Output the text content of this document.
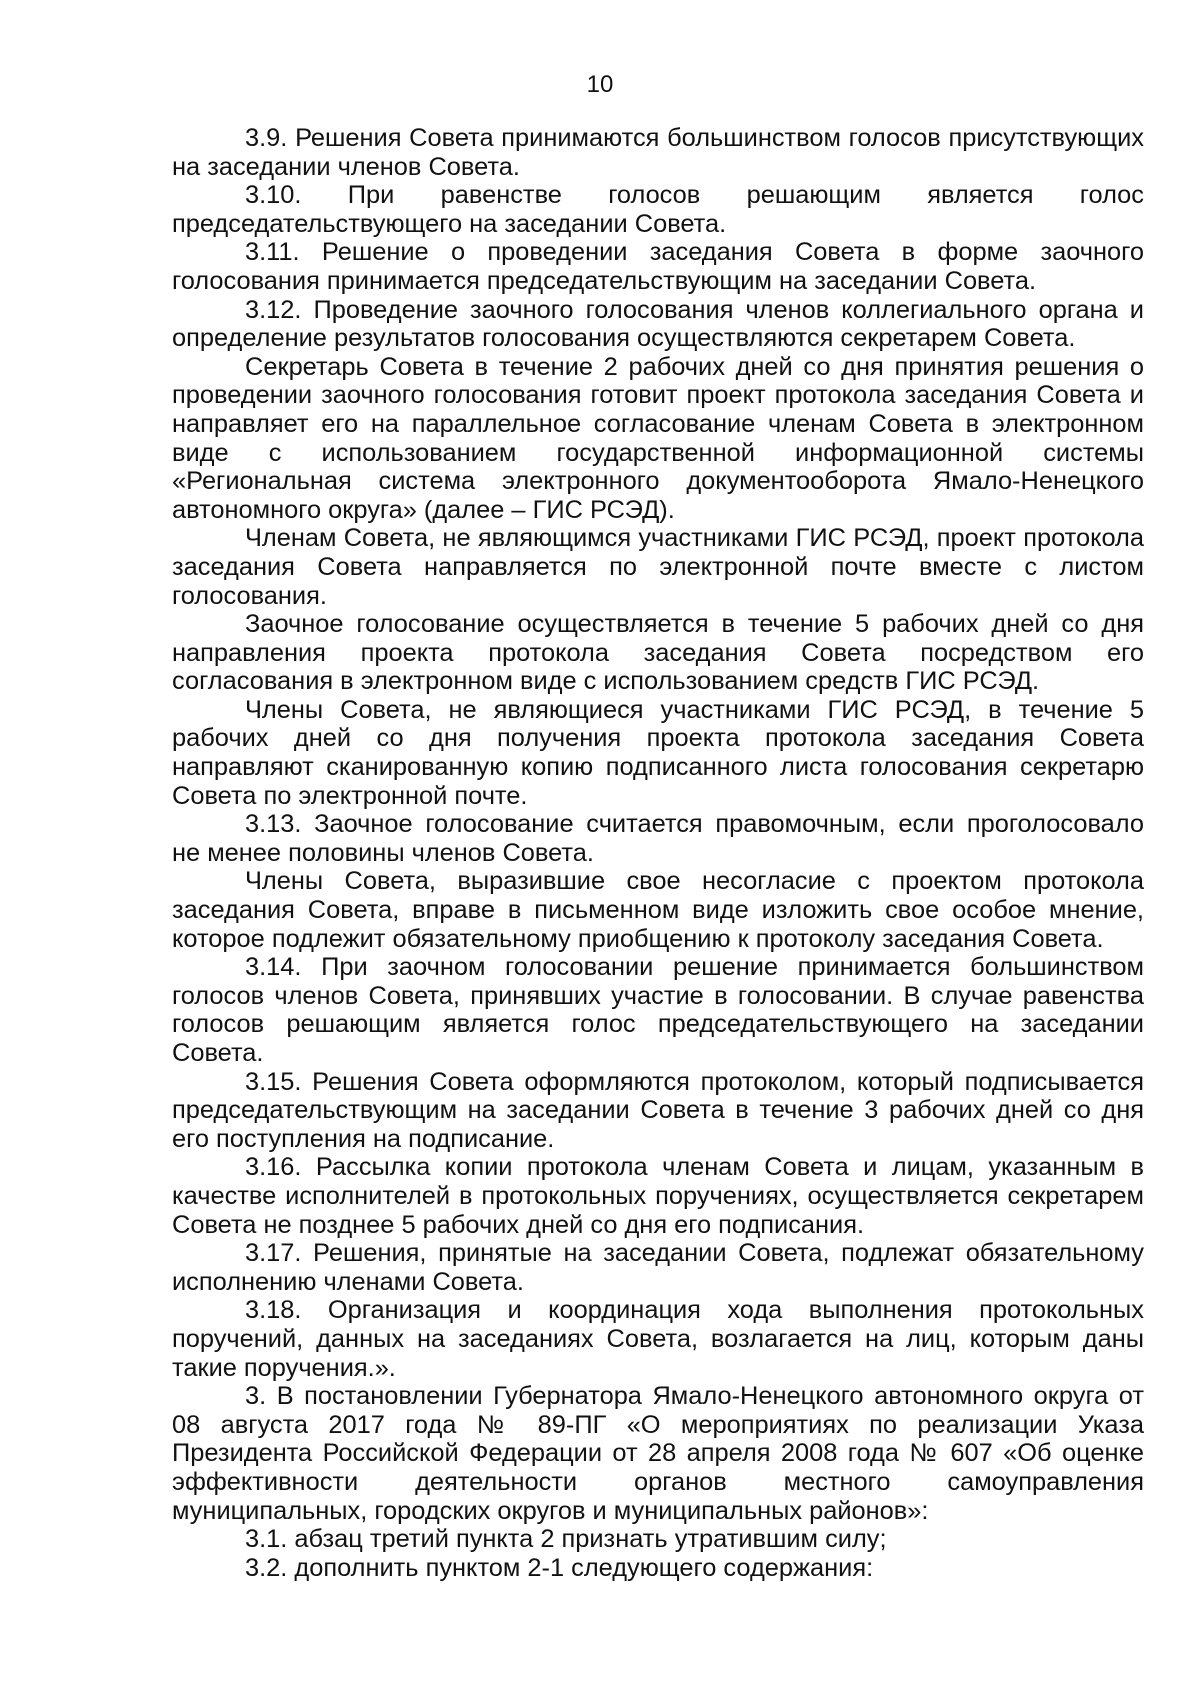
10

3.9. Решения Совета принимаются большинством голосов присутствующих на заседании членов Совета.

3.10. При равенстве голосов решающим является голос председательствующего на заседании Совета.

3.11. Решение о проведении заседания Совета в форме заочного голосования принимается председательствующим на заседании Совета.

3.12. Проведение заочного голосования членов коллегиального органа и определение результатов голосования осуществляются секретарем Совета.

Секретарь Совета в течение 2 рабочих дней со дня принятия решения о проведении заочного голосования готовит проект протокола заседания Совета и направляет его на параллельное согласование членам Совета в электронном виде с использованием государственной информационной системы «Региональная система электронного документооборота Ямало-Ненецкого автономного округа» (далее – ГИС РСЭД).

Членам Совета, не являющимся участниками ГИС РСЭД, проект протокола заседания Совета направляется по электронной почте вместе с листом голосования.

Заочное голосование осуществляется в течение 5 рабочих дней со дня направления проекта протокола заседания Совета посредством его согласования в электронном виде с использованием средств ГИС РСЭД.

Члены Совета, не являющиеся участниками ГИС РСЭД, в течение 5 рабочих дней со дня получения проекта протокола заседания Совета направляют сканированную копию подписанного листа голосования секретарю Совета по электронной почте.

3.13. Заочное голосование считается правомочным, если проголосовало не менее половины членов Совета.

Члены Совета, выразившие свое несогласие с проектом протокола заседания Совета, вправе в письменном виде изложить свое особое мнение, которое подлежит обязательному приобщению к протоколу заседания Совета.

3.14. При заочном голосовании решение принимается большинством голосов членов Совета, принявших участие в голосовании. В случае равенства голосов решающим является голос председательствующего на заседании Совета.

3.15. Решения Совета оформляются протоколом, который подписывается председательствующим на заседании Совета в течение 3 рабочих дней со дня его поступления на подписание.

3.16. Рассылка копии протокола членам Совета и лицам, указанным в качестве исполнителей в протокольных поручениях, осуществляется секретарем Совета не позднее 5 рабочих дней со дня его подписания.

3.17. Решения, принятые на заседании Совета, подлежат обязательному исполнению членами Совета.

3.18. Организация и координация хода выполнения протокольных поручений, данных на заседаниях Совета, возлагается на лиц, которым даны такие поручения.».

3. В постановлении Губернатора Ямало-Ненецкого автономного округа от 08 августа 2017 года № 89-ПГ «О мероприятиях по реализации Указа Президента Российской Федерации от 28 апреля 2008 года № 607 «Об оценке эффективности деятельности органов местного самоуправления муниципальных, городских округов и муниципальных районов»:

3.1. абзац третий пункта 2 признать утратившим силу;

3.2. дополнить пунктом 2-1 следующего содержания:
